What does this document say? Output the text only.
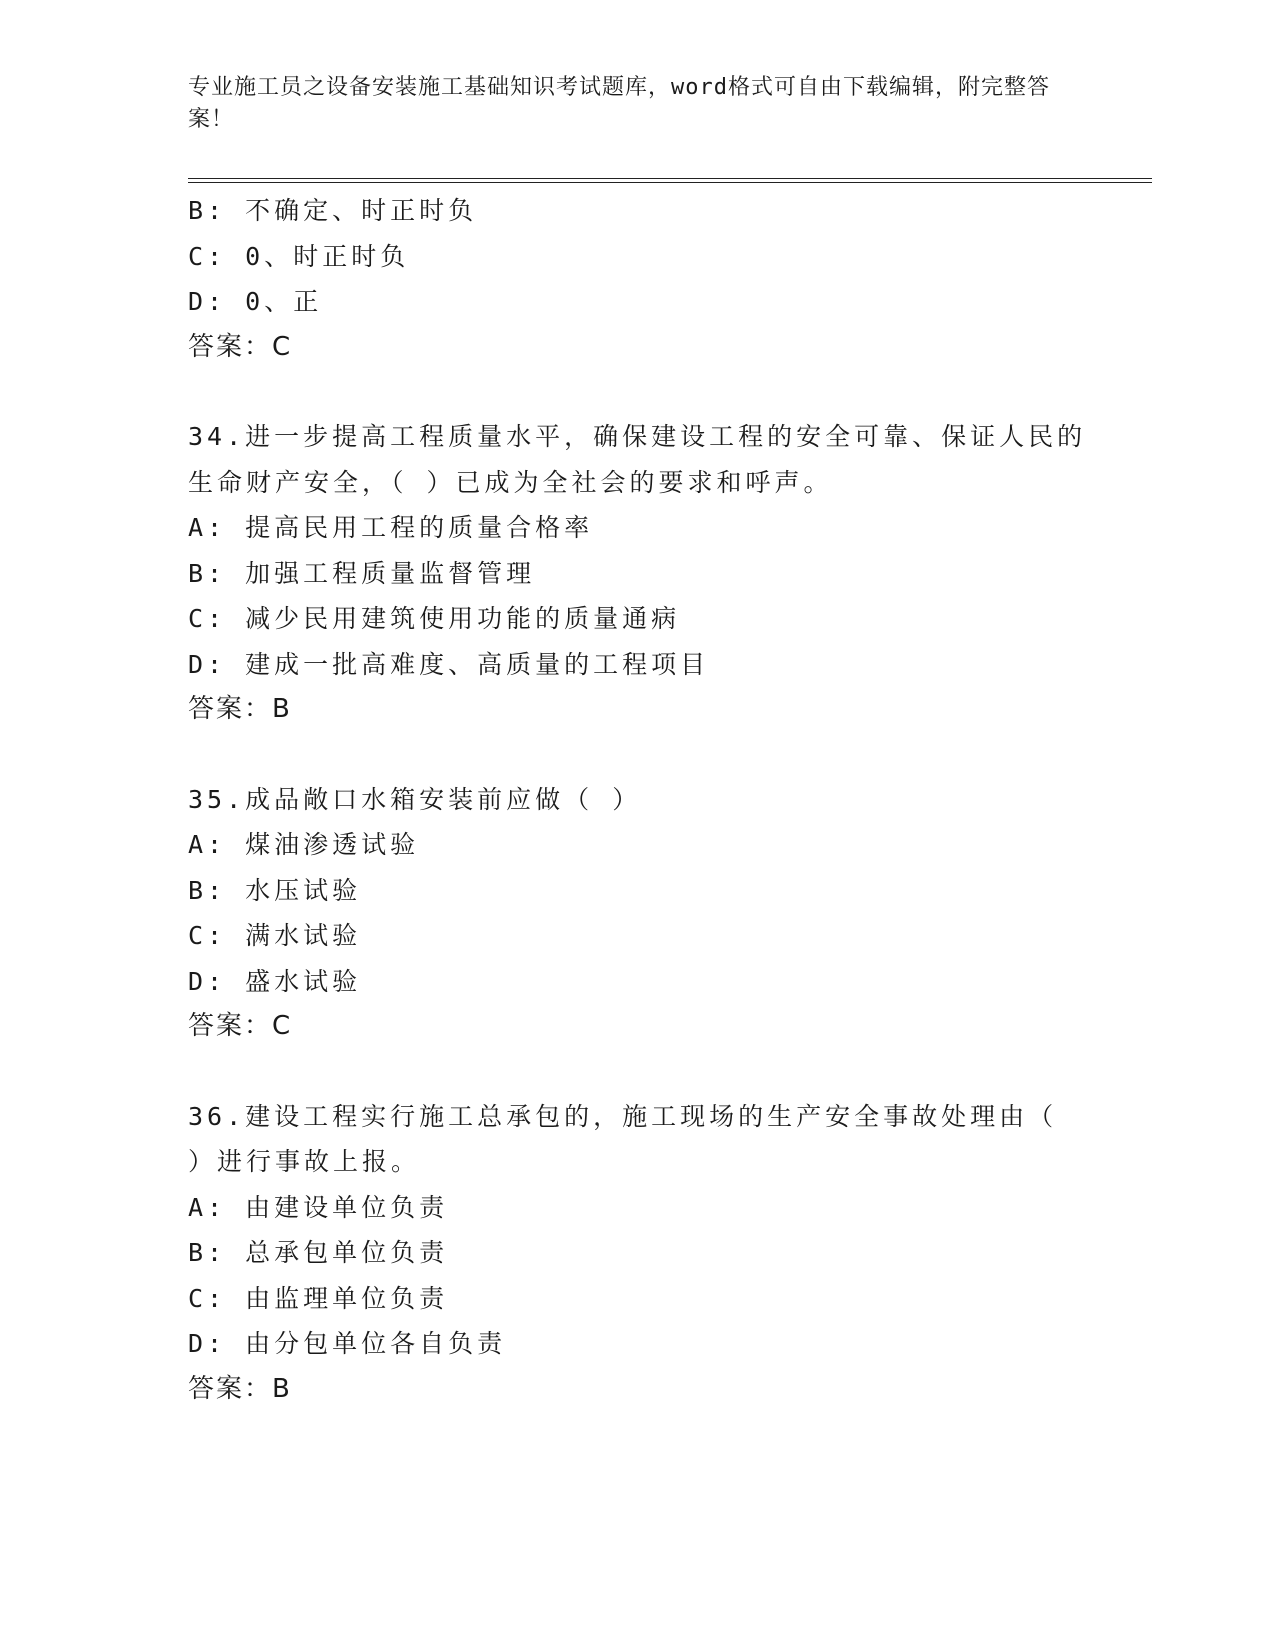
专业施工员之设备安装施工基础知识考试题库，word格式可自由下载编辑，附完整答案！
B: 不确定、时正时负
C: 0、时正时负
D: 0、正
答案：C
34.进一步提高工程质量水平，确保建设工程的安全可靠、保证人民的
生命财产安全，（ ）已成为全社会的要求和呼声。
A: 提高民用工程的质量合格率
B: 加强工程质量监督管理
C: 减少民用建筑使用功能的质量通病
D: 建成一批高难度、高质量的工程项目
答案：B
35.成品敞口水箱安装前应做（ ）
A: 煤油渗透试验
B: 水压试验
C: 满水试验
D: 盛水试验
答案：C
36.建设工程实行施工总承包的，施工现场的生产安全事故处理由（
）进行事故上报。
A: 由建设单位负责
B: 总承包单位负责
C: 由监理单位负责
D: 由分包单位各自负责
答案：B
